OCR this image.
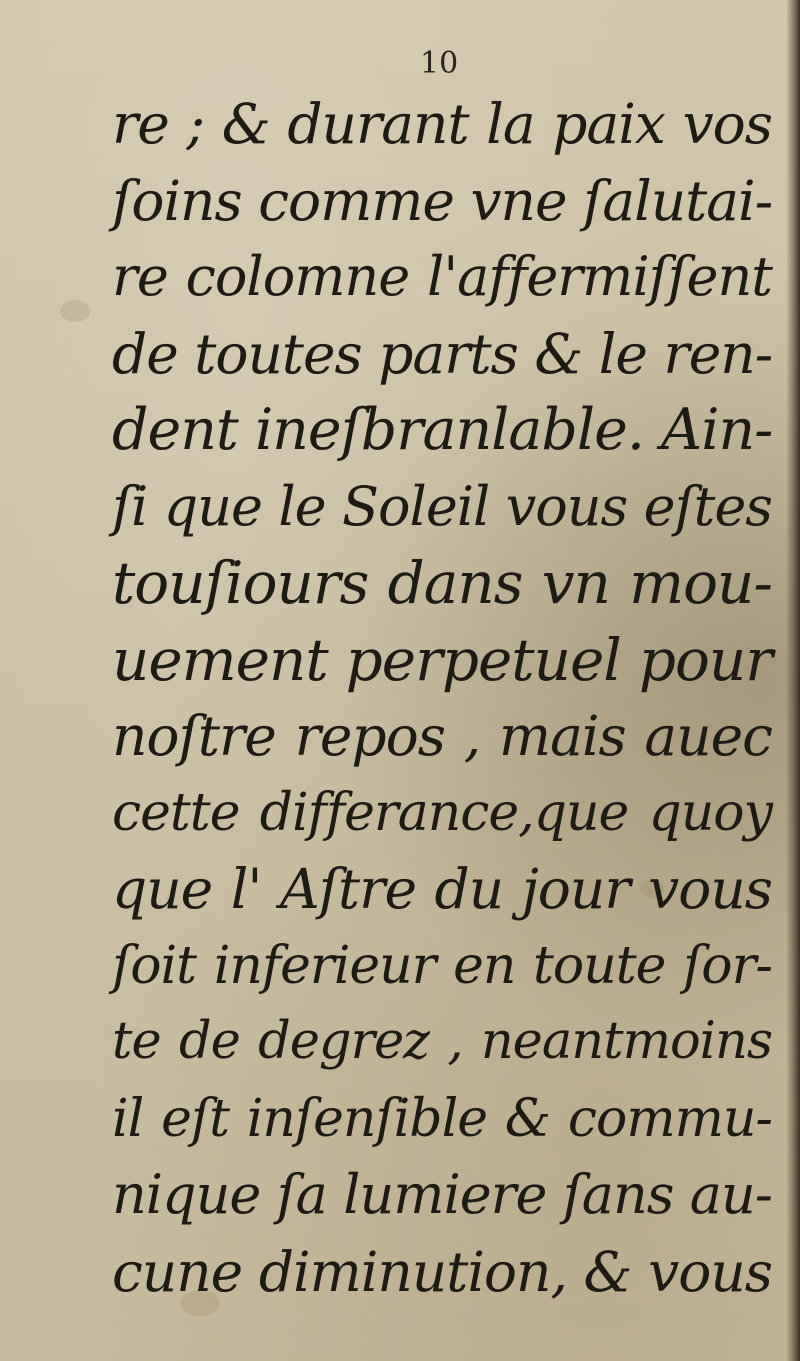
10
re ; & durant la paix vos
ſoins comme vne ſalutai-
re colomne l'affermiſſent
de toutes parts & le ren-
dent ineſbranlable. Ain-
ſi que le Soleil vous eſtes
touſiours dans vn mou-
uement perpetuel pour
noſtre repos , mais auec
cette differance,que quoy
que l' Aſtre du jour vous
ſoit inferieur en toute ſor-
te de degrez , neantmoins
il eſt inſenſible & commu-
nique ſa lumiere ſans au-
cune diminution, & vous
